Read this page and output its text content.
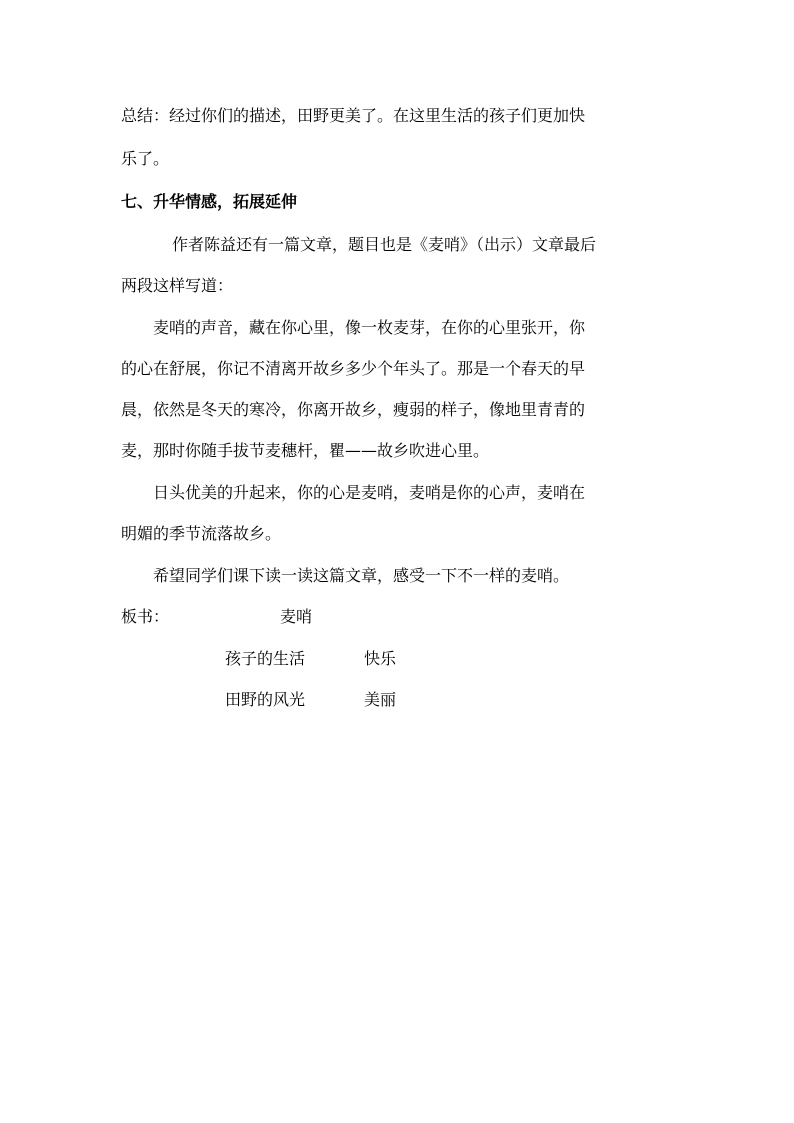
总结：经过你们的描述，田野更美了。在这里生活的孩子们更加快

乐了。

七、升华情感，拓展延伸

作者陈益还有一篇文章，题目也是《麦哨》（出示）文章最后

两段这样写道：

麦哨的声音，藏在你心里，像一枚麦芽，在你的心里张开，你

的心在舒展，你记不清离开故乡多少个年头了。那是一个春天的早

晨，依然是冬天的寒冷，你离开故乡，瘦弱的样子，像地里青青的

麦，那时你随手拔节麦穗杆，瞿——故乡吹进心里。

日头优美的升起来，你的心是麦哨，麦哨是你的心声，麦哨在

明媚的季节流落故乡。

希望同学们课下读一读这篇文章，感受一下不一样的麦哨。

板书：	麦哨

孩子的生活	快乐

田野的风光	美丽
